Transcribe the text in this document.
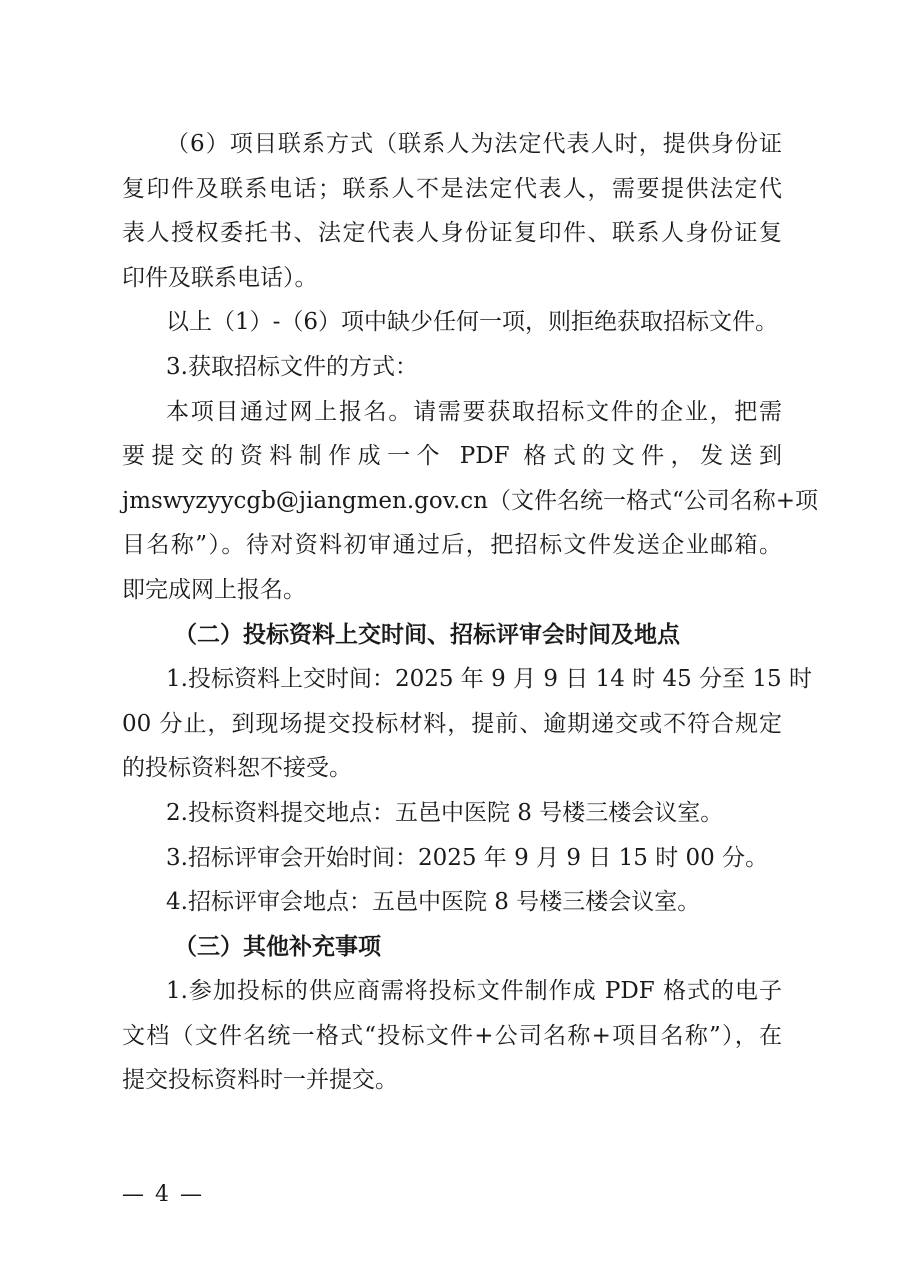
（6）项目联系方式（联系人为法定代表人时，提供身份证
复印件及联系电话；联系人不是法定代表人，需要提供法定代
表人授权委托书、法定代表人身份证复印件、联系人身份证复
印件及联系电话）。
以上（1）-（6）项中缺少任何一项，则拒绝获取招标文件。
3.获取招标文件的方式：
本项目通过网上报名。请需要获取招标文件的企业，把需
要提交的资料制作成一个 PDF 格式的文件，发送到
jmswyzyycgb@jiangmen.gov.cn（文件名统一格式“公司名称+项
目名称”）。待对资料初审通过后，把招标文件发送企业邮箱。
即完成网上报名。
（二）投标资料上交时间、招标评审会时间及地点
1.投标资料上交时间：2025 年 9 月 9 日 14 时 45 分至 15 时
00 分止，到现场提交投标材料，提前、逾期递交或不符合规定
的投标资料恕不接受。
2.投标资料提交地点：五邑中医院 8 号楼三楼会议室。
3.招标评审会开始时间：2025 年 9 月 9 日 15 时 00 分。
4.招标评审会地点：五邑中医院 8 号楼三楼会议室。
（三）其他补充事项
1.参加投标的供应商需将投标文件制作成 PDF 格式的电子
文档（文件名统一格式“投标文件+公司名称+项目名称”），在
提交投标资料时一并提交。
— 4 —
